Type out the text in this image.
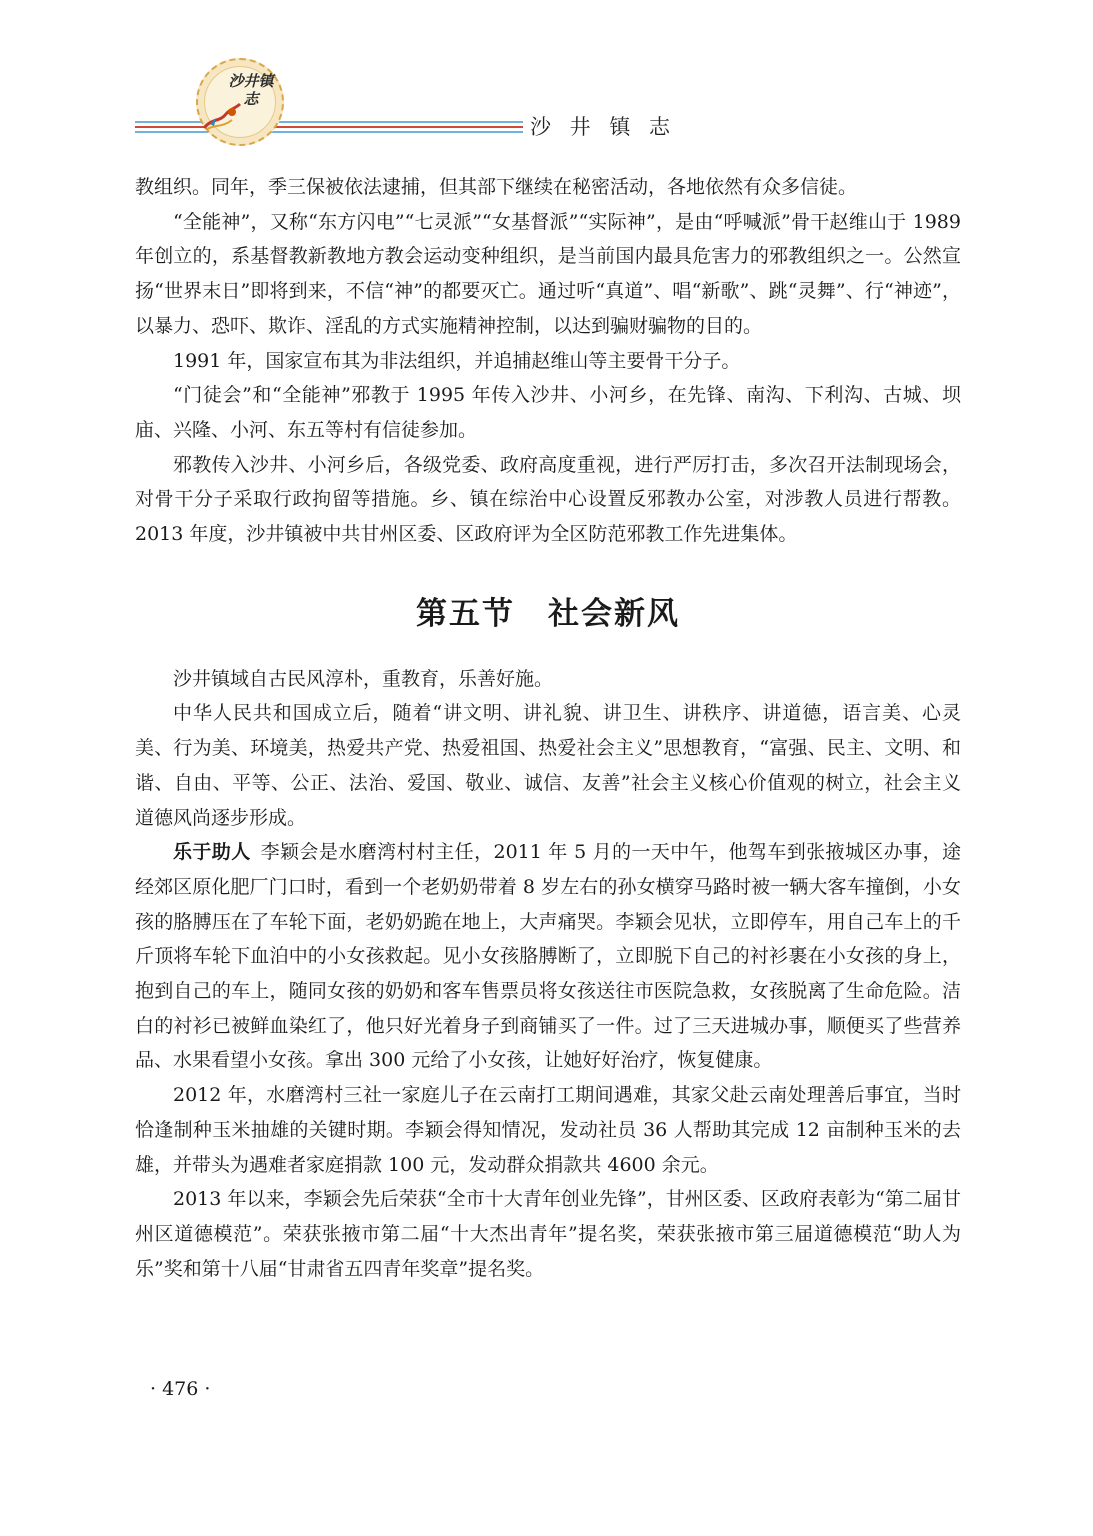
沙井镇志
沙 井 镇 志

教组织。同年，季三保被依法逮捕，但其部下继续在秘密活动，各地依然有众多信徒。

“全能神”，又称“东方闪电”“七灵派”“女基督派”“实际神”，是由“呼喊派”骨干赵维山于 1989 年创立的，系基督教新教地方教会运动变种组织，是当前国内最具危害力的邪教组织之一。公然宣扬“世界末日”即将到来，不信“神”的都要灭亡。通过听“真道”、唱“新歌”、跳“灵舞”、行“神迹”，以暴力、恐吓、欺诈、淫乱的方式实施精神控制，以达到骗财骗物的目的。

1991 年，国家宣布其为非法组织，并追捕赵维山等主要骨干分子。

“门徒会”和“全能神”邪教于 1995 年传入沙井、小河乡，在先锋、南沟、下利沟、古城、坝庙、兴隆、小河、东五等村有信徒参加。

邪教传入沙井、小河乡后，各级党委、政府高度重视，进行严厉打击，多次召开法制现场会，对骨干分子采取行政拘留等措施。乡、镇在综治中心设置反邪教办公室，对涉教人员进行帮教。2013 年度，沙井镇被中共甘州区委、区政府评为全区防范邪教工作先进集体。

第五节　社会新风

沙井镇域自古民风淳朴，重教育，乐善好施。

中华人民共和国成立后，随着“讲文明、讲礼貌、讲卫生、讲秩序、讲道德，语言美、心灵美、行为美、环境美，热爱共产党、热爱祖国、热爱社会主义”思想教育，“富强、民主、文明、和谐、自由、平等、公正、法治、爱国、敬业、诚信、友善”社会主义核心价值观的树立，社会主义道德风尚逐步形成。

乐于助人 李颖会是水磨湾村村主任，2011 年 5 月的一天中午，他驾车到张掖城区办事，途经郊区原化肥厂门口时，看到一个老奶奶带着 8 岁左右的孙女横穿马路时被一辆大客车撞倒，小女孩的胳膊压在了车轮下面，老奶奶跪在地上，大声痛哭。李颖会见状，立即停车，用自己车上的千斤顶将车轮下血泊中的小女孩救起。见小女孩胳膊断了，立即脱下自己的衬衫裹在小女孩的身上，抱到自己的车上，随同女孩的奶奶和客车售票员将女孩送往市医院急救，女孩脱离了生命危险。洁白的衬衫已被鲜血染红了，他只好光着身子到商铺买了一件。过了三天进城办事，顺便买了些营养品、水果看望小女孩。拿出 300 元给了小女孩，让她好好治疗，恢复健康。

2012 年，水磨湾村三社一家庭儿子在云南打工期间遇难，其家父赴云南处理善后事宜，当时恰逢制种玉米抽雄的关键时期。李颖会得知情况，发动社员 36 人帮助其完成 12 亩制种玉米的去雄，并带头为遇难者家庭捐款 100 元，发动群众捐款共 4600 余元。

2013 年以来，李颖会先后荣获“全市十大青年创业先锋”，甘州区委、区政府表彰为“第二届甘州区道德模范”。荣获张掖市第二届“十大杰出青年”提名奖，荣获张掖市第三届道德模范“助人为乐”奖和第十八届“甘肃省五四青年奖章”提名奖。

· 476 ·
